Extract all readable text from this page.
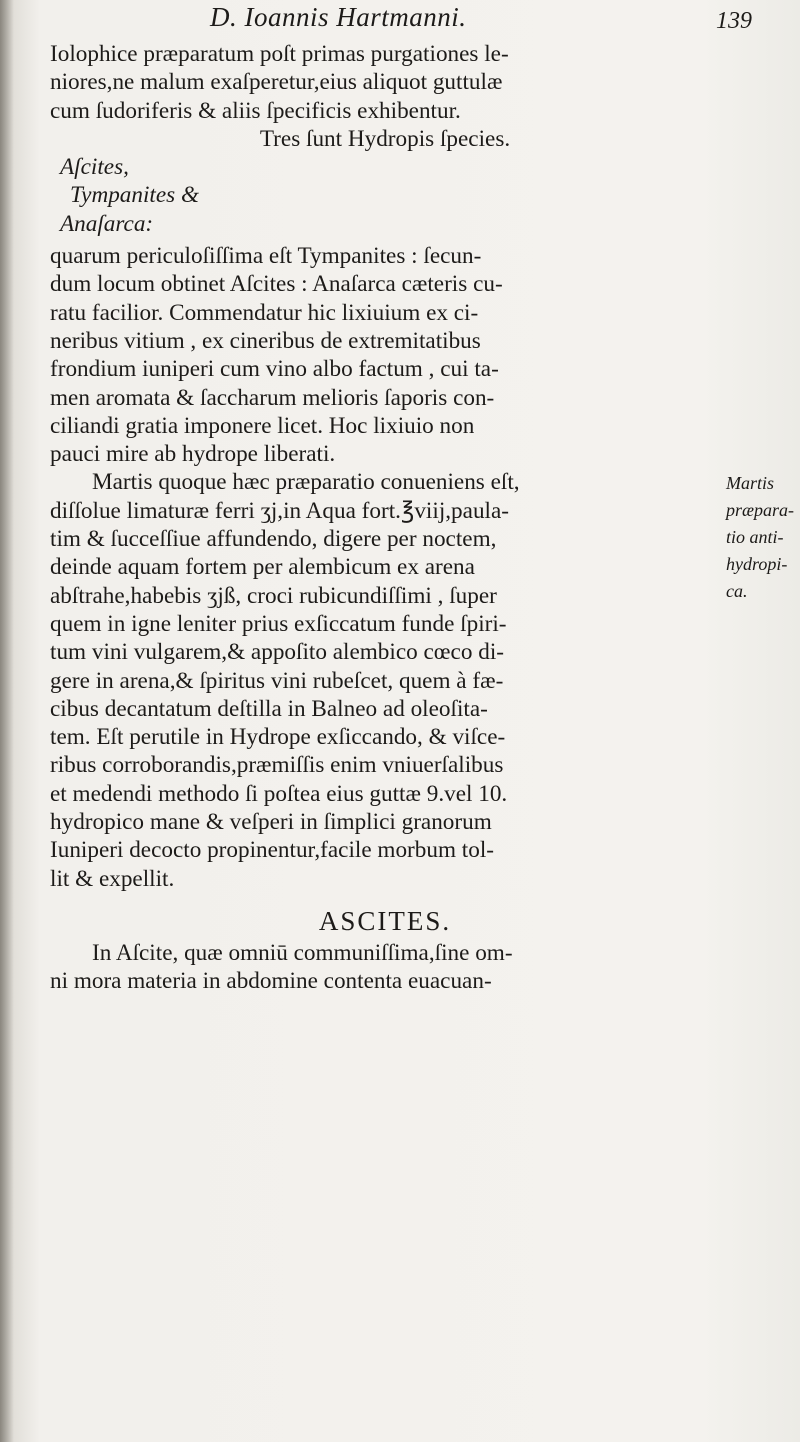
D. Ioannis Hartmanni.	139
Iolophice præparatum poſt primas purgationes le-
niores,ne malum exaſperetur,eius aliquot guttulæ
cum ſudoriferis & aliis ſpecificis exhibentur.
Tres ſunt Hydropis ſpecies.
Aſcites,
Tympanites &
Anaſarca:
quarum periculoſiſſima eſt Tympanites : ſecun-
dum locum obtinet Aſcites : Anaſarca cæteris cu-
ratu facilior. Commendatur hic lixiuium ex ci-
neribus vitium , ex cineribus de extremitatibus
frondium iuniperi cum vino albo factum , cui ta-
men aromata & ſaccharum melioris ſaporis con-
ciliandi gratia imponere licet. Hoc lixiuio non
pauci mire ab hydrope liberati.
Martis quoque hæc præparatio conueniens eſt,
diſſolue limaturæ ferri ʒj,in Aqua fort.℥viij,paula-
tim & ſucceſſiue affundendo, digere per noctem,
deinde aquam fortem per alembicum ex arena
abſtrahe,habebis ʒjß, croci rubicundiſſimi , ſuper
quem in igne leniter prius exſiccatum funde ſpiri-
tum vini vulgarem,& appoſito alembico cœco di-
gere in arena,& ſpiritus vini rubeſcet, quem à fæ-
cibus decantatum deſtilla in Balneo ad oleoſita-
tem. Eſt perutile in Hydrope exſiccando, & viſce-
ribus corroborandis,præmiſſis enim vniuerſalibus
et medendi methodo ſi poſtea eius guttæ 9.vel 10.
hydropico mane & veſperi in ſimplici granorum
Iuniperi decocto propinentur,facile morbum tol-
lit & expellit.
ASCITES.
In Aſcite, quæ omniū communiſſima,ſine om-
ni mora materia in abdomine contenta euacuan-
Martis
præpara-
tio anti-
hydropi-
ca.
